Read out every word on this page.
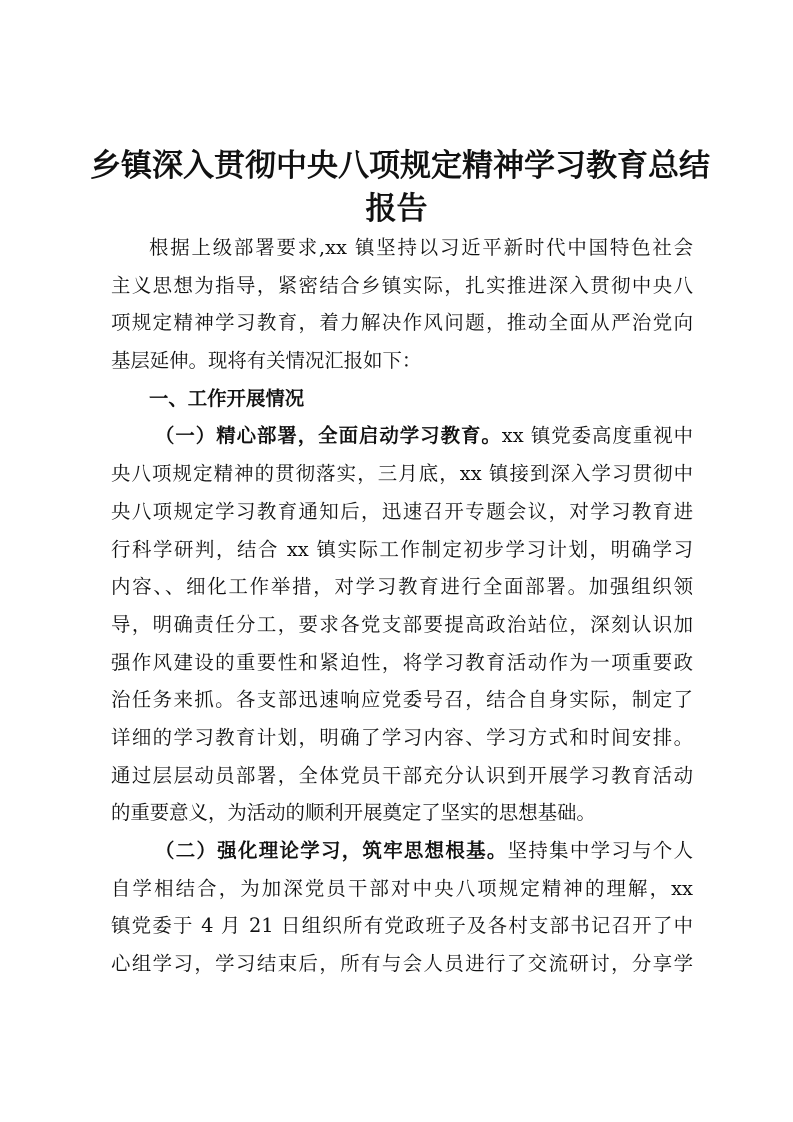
乡镇深入贯彻中央八项规定精神学习教育总结
报告
根据上级部署要求,xx 镇坚持以习近平新时代中国特色社会
主义思想为指导，紧密结合乡镇实际，扎实推进深入贯彻中央八
项规定精神学习教育，着力解决作风问题，推动全面从严治党向
基层延伸。现将有关情况汇报如下：
一、工作开展情况
（一）精心部署，全面启动学习教育。xx 镇党委高度重视中
央八项规定精神的贯彻落实，三月底，xx 镇接到深入学习贯彻中
央八项规定学习教育通知后，迅速召开专题会议，对学习教育进
行科学研判，结合 xx 镇实际工作制定初步学习计划，明确学习
内容、、细化工作举措，对学习教育进行全面部署。加强组织领
导，明确责任分工，要求各党支部要提高政治站位，深刻认识加
强作风建设的重要性和紧迫性，将学习教育活动作为一项重要政
治任务来抓。各支部迅速响应党委号召，结合自身实际，制定了
详细的学习教育计划，明确了学习内容、学习方式和时间安排。
通过层层动员部署，全体党员干部充分认识到开展学习教育活动
的重要意义，为活动的顺利开展奠定了坚实的思想基础。
（二）强化理论学习，筑牢思想根基。坚持集中学习与个人
自学相结合，为加深党员干部对中央八项规定精神的理解，xx
镇党委于 4 月 21 日组织所有党政班子及各村支部书记召开了中
心组学习，学习结束后，所有与会人员进行了交流研讨，分享学
